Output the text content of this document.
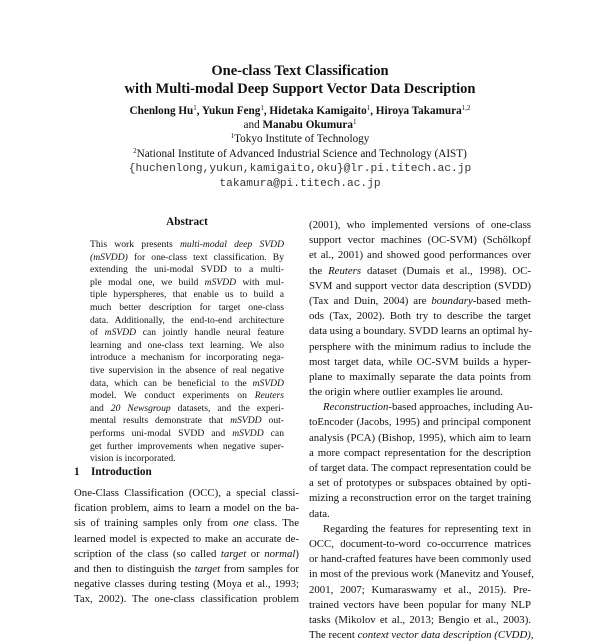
One-class Text Classification
with Multi-modal Deep Support Vector Data Description
Chenlong Hu$^1$, Yukun Feng$^1$, Hidetaka Kamigaito$^1$, Hiroya Takamura$^{1,2}$
and Manabu Okumura$^1$
$^1$Tokyo Institute of Technology
$^2$National Institute of Advanced Industrial Science and Technology (AIST)
{huchenlong,yukun,kamigaito,oku}@lr.pi.titech.ac.jp
takamura@pi.titech.ac.jp
Abstract
This work presents multi-modal deep SVDD
(mSVDD) for one-class text classification. By
extending the uni-modal SVDD to a multi-
ple modal one, we build mSVDD with mul-
tiple hyperspheres, that enable us to build a
much better description for target one-class
data. Additionally, the end-to-end architecture
of mSVDD can jointly handle neural feature
learning and one-class text learning. We also
introduce a mechanism for incorporating nega-
tive supervision in the absence of real negative
data, which can be beneficial to the mSVDD
model. We conduct experiments on Reuters
and 20 Newsgroup datasets, and the experi-
mental results demonstrate that mSVDD out-
performs uni-modal SVDD and mSVDD can
get further improvements when negative super-
vision is incorporated.
1 Introduction
One-Class Classification (OCC), a special classi-
fication problem, aims to learn a model on the ba-
sis of training samples only from one class. The
learned model is expected to make an accurate de-
scription of the class (so called target or normal)
and then to distinguish the target from samples for
negative classes during testing (Moya et al., 1993;
Tax, 2002). The one-class classification problem
(2001), who implemented versions of one-class
support vector machines (OC-SVM) (Schölkopf
et al., 2001) and showed good performances over
the Reuters dataset (Dumais et al., 1998). OC-
SVM and support vector data description (SVDD)
(Tax and Duin, 2004) are boundary-based meth-
ods (Tax, 2002). Both try to describe the target
data using a boundary. SVDD learns an optimal hy-
persphere with the minimum radius to include the
most target data, while OC-SVM builds a hyper-
plane to maximally separate the data points from
the origin where outlier examples lie around.
Reconstruction-based approaches, including Au-
toEncoder (Jacobs, 1995) and principal component
analysis (PCA) (Bishop, 1995), which aim to learn
a more compact representation for the description
of target data. The compact representation could be
a set of prototypes or subspaces obtained by opti-
mizing a reconstruction error on the target training
data.
Regarding the features for representing text in
OCC, document-to-word co-occurrence matrices
or hand-crafted features have been commonly used
in most of the previous work (Manevitz and Yousef,
2001, 2007; Kumaraswamy et al., 2015). Pre-
trained vectors have been popular for many NLP
tasks (Mikolov et al., 2013; Bengio et al., 2003).
The recent context vector data description (CVDD),
